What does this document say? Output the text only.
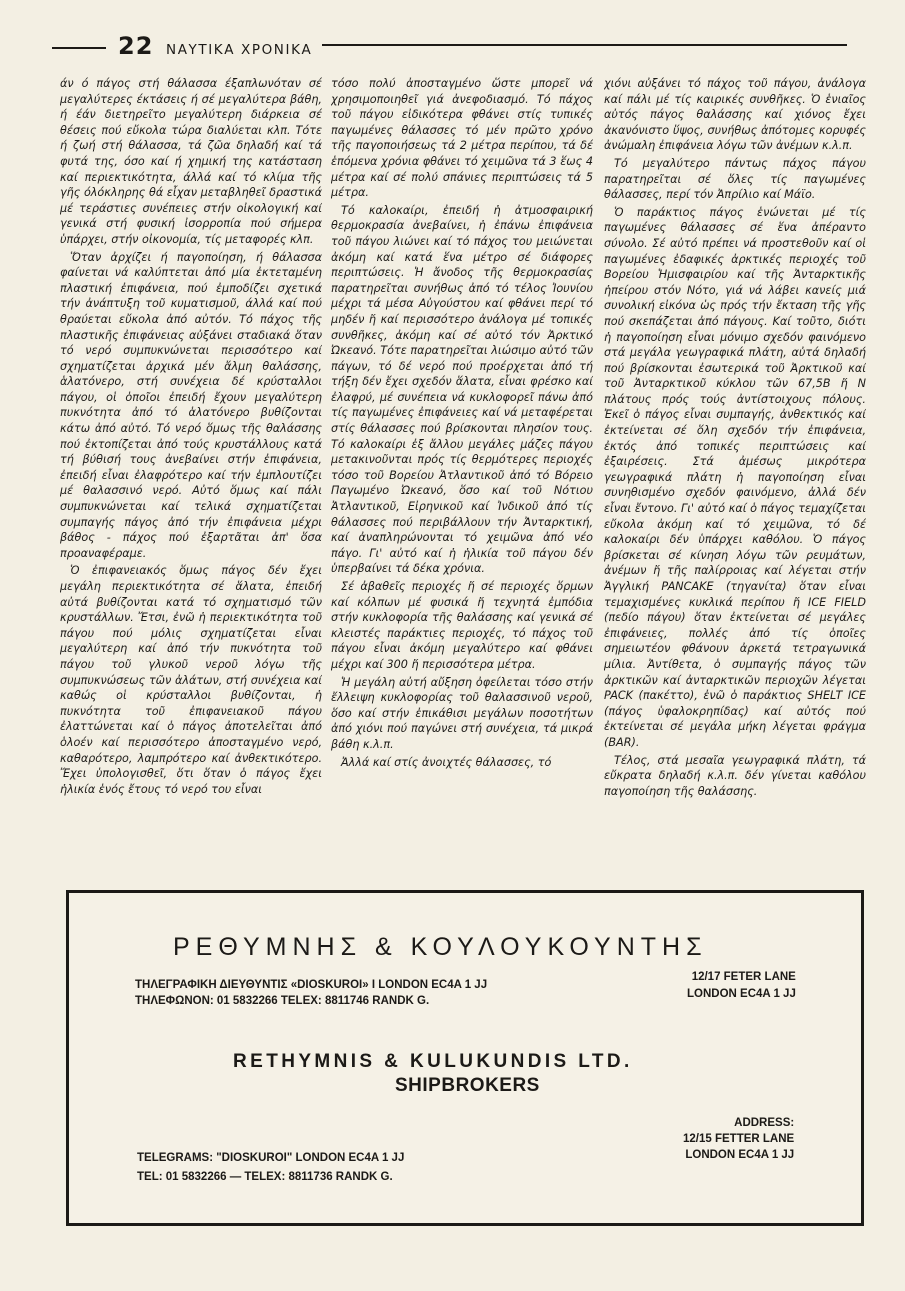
22 ΝΑΥΤΙΚΑ ΧΡΟΝΙΚΑ

άν ό πάγος στή θάλασσα έξαπλωνόταν σέ μεγαλύτερες έκτάσεις ή σέ μεγαλύτερα βάθη, ή έάν διετηρεῖτο μεγαλύτερη διάρκεια σέ θέσεις πού εὔκολα τώρα διαλύεται κλπ. Τότε ή ζωή στή θάλασσα, τά ζῶα δηλαδή καί τά φυτά της, όσο καί ή χημική της κατάσταση καί περιεκτικότητα, άλλά καί τό κλίμα τῆς γῆς όλόκληρης θά εἶχαν μεταβληθεῖ δραστικά μέ τεράστιες συνέπειες στήν οἰκολογική καί γενικά στή φυσική ἰσορροπία πού σήμερα ὑπάρχει, στήν οἰκονομία, τίς μεταφορές κλπ.

Ὅταν ἀρχίζει ή παγοποίηση, ή θάλασσα φαίνεται νά καλύπτεται ἀπό μία ἐκτεταμένη πλαστική ἐπιφάνεια, πού ἐμποδίζει σχετικά τήν ἀνάπτυξη τοῦ κυματισμοῦ, άλλά καί πού θραύεται εὔκολα ἀπό αὐτόν. Τό πάχος τῆς πλαστικῆς ἐπιφάνειας αὐξάνει σταδιακά ὅταν τό νερό συμπυκνώνεται περισσότερο καί σχηματίζεται ἀρχικά μέν ἄλμη θαλάσσης, ἁλατόνερο, στή συνέχεια δέ κρύσταλλοι πάγου, οἱ ὁποῖοι ἐπειδή ἔχουν μεγαλύτερη πυκνότητα ἀπό τό ἁλατόνερο βυθίζονται κάτω ἀπό αὐτό. Τό νερό ὅμως τῆς θαλάσσης πού ἐκτοπίζεται ἀπό τούς κρυστάλλους κατά τή βύθισή τους ἀνεβαίνει στήν ἐπιφάνεια, ἐπειδή εἶναι ἐλαφρότερο καί τήν ἐμπλουτίζει μέ θαλασσινό νερό. Αὐτό ὅμως καί πάλι συμπυκνώνεται καί τελικά σχηματίζεται συμπαγής πάγος ἀπό τήν ἐπιφάνεια μέχρι βάθος - πάχος πού ἐξαρτᾶται ἀπ' ὅσα προαναφέραμε.

Ὁ ἐπιφανειακός ὅμως πάγος δέν ἔχει μεγάλη περιεκτικότητα σέ ἅλατα, ἐπειδή αὐτά βυθίζονται κατά τό σχηματισμό τῶν κρυστάλλων. Ἔτσι, ἐνῶ ἡ περιεκτικότητα τοῦ πάγου πού μόλις σχηματίζεται εἶναι μεγαλύτερη καί ἀπό τήν πυκνότητα τοῦ πάγου τοῦ γλυκοῦ νεροῦ λόγω τῆς συμπυκνώσεως τῶν ἀλάτων, στή συνέχεια καί καθώς οἱ κρύσταλλοι βυθίζονται, ἡ πυκνότητα τοῦ ἐπιφανειακοῦ πάγου ἐλαττώνεται καί ὁ πάγος ἀποτελεῖται ἀπό ὁλοέν καί περισσότερο ἀποσταγμένο νερό, καθαρότερο, λαμπρότερο καί ἀνθεκτικότερο. Ἔχει ὑπολογισθεῖ, ὅτι ὅταν ὁ πάγος ἔχει ἡλικία ἑνός ἔτους τό νερό του εἶναι

τόσο πολύ ἀποσταγμένο ὥστε μπορεῖ νά χρησιμοποιηθεῖ γιά ἀνεφοδιασμό. Τό πάχος τοῦ πάγου εἰδικότερα φθάνει στίς τυπικές παγωμένες θάλασσες τό μέν πρῶτο χρόνο τῆς παγοποιήσεως τά 2 μέτρα περίπου, τά δέ ἑπόμενα χρόνια φθάνει τό χειμῶνα τά 3 ἕως 4 μέτρα καί σέ πολύ σπάνιες περιπτώσεις τά 5 μέτρα.

Τό καλοκαίρι, ἐπειδή ἡ ἀτμοσφαιρική θερμοκρασία ἀνεβαίνει, ἡ ἐπάνω ἐπιφάνεια τοῦ πάγου λιώνει καί τό πάχος του μειώνεται ἀκόμη καί κατά ἕνα μέτρο σέ διάφορες περιπτώσεις. Ἡ ἄνοδος τῆς θερμοκρασίας παρατηρεῖται συνήθως ἀπό τό τέλος Ἰουνίου μέχρι τά μέσα Αὐγούστου καί φθάνει περί τό μηδέν ἤ καί περισσότερο ἀνάλογα μέ τοπικές συνθῆκες, ἀκόμη καί σέ αὐτό τόν Ἀρκτικό Ὠκεανό. Τότε παρατηρεῖται λιώσιμο αὐτό τῶν πάγων, τό δέ νερό πού προέρχεται ἀπό τή τήξη δέν ἔχει σχεδόν ἅλατα, εἶναι φρέσκο καί ἐλαφρύ, μέ συνέπεια νά κυκλοφορεῖ πάνω ἀπό τίς παγωμένες ἐπιφάνειες καί νά μεταφέρεται στίς θάλασσες πού βρίσκονται πλησίον τους. Τό καλοκαίρι ἐξ ἄλλου μεγάλες μάζες πάγου μετακινοῦνται πρός τίς θερμότερες περιοχές τόσο τοῦ Βορείου Ἀτλαντικοῦ ἀπό τό Βόρειο Παγωμένο Ὠκεανό, ὅσο καί τοῦ Νότιου Ἀτλαντικοῦ, Εἰρηνικοῦ καί Ἰνδικοῦ ἀπό τίς θάλασσες πού περιβάλλουν τήν Ἀνταρκτική, καί ἀναπληρώνονται τό χειμῶνα ἀπό νέο πάγο. Γι' αὐτό καί ἡ ἡλικία τοῦ πάγου δέν ὑπερβαίνει τά δέκα χρόνια.

Σέ ἀβαθεῖς περιοχές ἤ σέ περιοχές ὅρμων καί κόλπων μέ φυσικά ἤ τεχνητά ἐμπόδια στήν κυκλοφορία τῆς θαλάσσης καί γενικά σέ κλειστές παράκτιες περιοχές, τό πάχος τοῦ πάγου εἶναι ἀκόμη μεγαλύτερο καί φθάνει μέχρι καί 300 ἤ περισσότερα μέτρα.

Ἡ μεγάλη αὐτή αὔξηση ὀφείλεται τόσο στήν ἔλλειψη κυκλοφορίας τοῦ θαλασσινοῦ νεροῦ, ὅσο καί στήν ἐπικάθισι μεγάλων ποσοτήτων ἀπό χιόνι πού παγώνει στή συνέχεια, τά μικρά βάθη κ.λ.π.

Ἀλλά καί στίς ἀνοιχτές θάλασσες, τό

χιόνι αὐξάνει τό πάχος τοῦ πάγου, ἀνάλογα καί πάλι μέ τίς καιρικές συνθῆκες. Ὁ ἑνιαῖος αὐτός πάγος θαλάσσης καί χιόνος ἔχει ἀκανόνιστο ὕψος, συνήθως ἀπότομες κορυφές ἀνώμαλη ἐπιφάνεια λόγω τῶν ἀνέμων κ.λ.π.

Τό μεγαλύτερο πάντως πάχος πάγου παρατηρεῖται σέ ὅλες τίς παγωμένες θάλασσες, περί τόν Ἀπρίλιο καί Μάϊο.

Ὁ παράκτιος πάγος ἑνώνεται μέ τίς παγωμένες θάλασσες σέ ἕνα ἀπέραντο σύνολο. Σέ αὐτό πρέπει νά προστεθοῦν καί οἱ παγωμένες ἐδαφικές ἀρκτικές περιοχές τοῦ Βορείου Ἡμισφαιρίου καί τῆς Ἀνταρκτικῆς ἠπείρου στόν Νότο, γιά νά λάβει κανείς μιά συνολική εἰκόνα ὡς πρός τήν ἔκταση τῆς γῆς πού σκεπάζεται ἀπό πάγους. Καί τοῦτο, διότι ἡ παγοποίηση εἶναι μόνιμο σχεδόν φαινόμενο στά μεγάλα γεωγραφικά πλάτη, αὐτά δηλαδή πού βρίσκονται ἐσωτερικά τοῦ Ἀρκτικοῦ καί τοῦ Ἀνταρκτικοῦ κύκλου τῶν 67,5Β ἤ Ν πλάτους πρός τούς ἀντίστοιχους πόλους. Ἐκεῖ ὁ πάγος εἶναι συμπαγής, ἀνθεκτικός καί ἐκτείνεται σέ ὅλη σχεδόν τήν ἐπιφάνεια, ἐκτός ἀπό τοπικές περιπτώσεις καί ἐξαιρέσεις. Στά ἀμέσως μικρότερα γεωγραφικά πλάτη ἡ παγοποίηση εἶναι συνηθισμένο σχεδόν φαινόμενο, ἀλλά δέν εἶναι ἔντονο. Γι' αὐτό καί ὁ πάγος τεμαχίζεται εὔκολα ἀκόμη καί τό χειμῶνα, τό δέ καλοκαίρι δέν ὑπάρχει καθόλου. Ὁ πάγος βρίσκεται σέ κίνηση λόγω τῶν ρευμάτων, ἀνέμων ἤ τῆς παλίρροιας καί λέγεται στήν Ἀγγλική PANCAKE (τηγανίτα) ὅταν εἶναι τεμαχισμένες κυκλικά περίπου ἤ ICE FIELD (πεδίο πάγου) ὅταν ἐκτείνεται σέ μεγάλες ἐπιφάνειες, πολλές ἀπό τίς ὁποῖες σημειωτέον φθάνουν ἀρκετά τετραγωνικά μίλια. Ἀντίθετα, ὁ συμπαγής πάγος τῶν ἀρκτικῶν καί ἀνταρκτικῶν περιοχῶν λέγεται PACK (πακέττο), ἐνῶ ὁ παράκτιος SHELT ICE (πάγος ὑφαλοκρηπίδας) καί αὐτός πού ἐκτείνεται σέ μεγάλα μήκη λέγεται φράγμα (BAR).

Τέλος, στά μεσαῖα γεωγραφικά πλάτη, τά εὔκρατα δηλαδή κ.λ.π. δέν γίνεται καθόλου παγοποίηση τῆς θαλάσσης.

ΡΕΘΥΜΝΗΣ & ΚΟΥΛΟΥΚΟΥΝΤΗΣ
ΤΗΛΕΓΡΑΦΙΚΗ ΔΙΕΥΘΥΝΤΙΣ «DIOSKUROI» I LONDON EC4A 1 JJ
ΤΗΛΕΦΩΝΟΝ: 01 5832266 TELEX: 8811746 RANDK G.
12/17 FETER LANE
LONDON EC4A 1 JJ
RETHYMNIS & KULUKUNDIS LTD.
SHIPBROKERS
ADDRESS:
12/15 FETTER LANE
LONDON EC4A 1 JJ
TELEGRAMS: "DIOSKUROI" LONDON EC4A 1 JJ
TEL: 01 5832266 — TELEX: 8811736 RANDK G.
